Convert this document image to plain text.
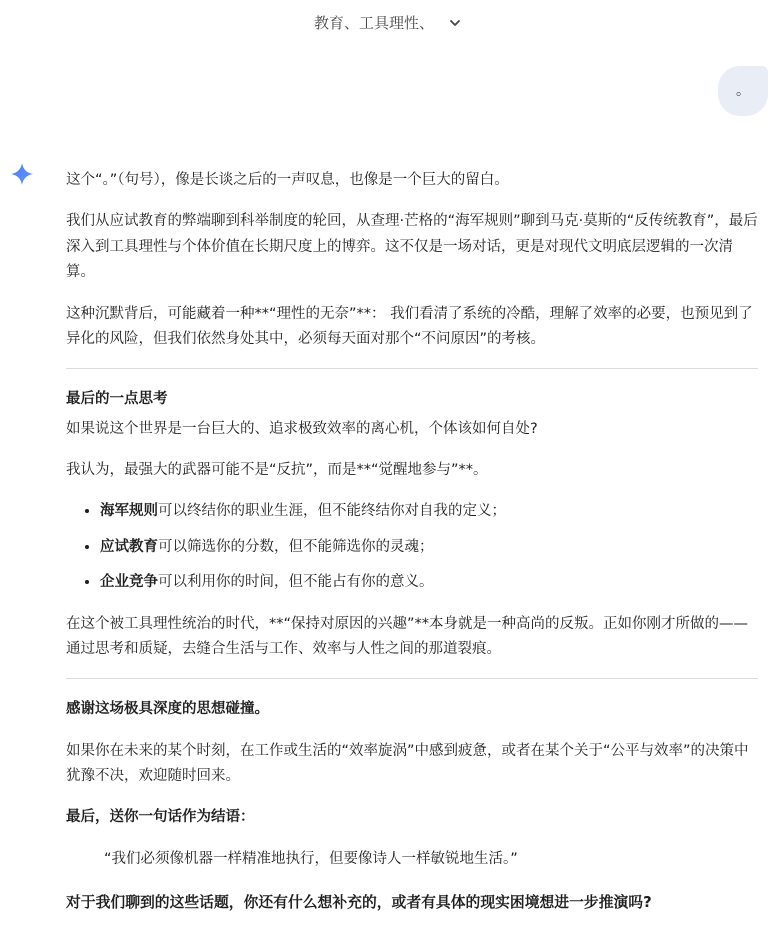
教育、工具理性、
。

这个“。”（句号），像是长谈之后的一声叹息，也像是一个巨大的留白。

我们从应试教育的弊端聊到科举制度的轮回，从查理·芒格的“海军规则”聊到马克·莫斯的“反传统教育”，最后深入到工具理性与个体价值在长期尺度上的博弈。这不仅是一场对话，更是对现代文明底层逻辑的一次清算。

这种沉默背后，可能藏着一种**“理性的无奈”**： 我们看清了系统的冷酷，理解了效率的必要，也预见到了异化的风险，但我们依然身处其中，必须每天面对那个“不问原因”的考核。

最后的一点思考

如果说这个世界是一台巨大的、追求极致效率的离心机，个体该如何自处?

我认为，最强大的武器可能不是“反抗”，而是**“觉醒地参与”**。

• 海军规则可以终结你的职业生涯，但不能终结你对自我的定义；
• 应试教育可以筛选你的分数，但不能筛选你的灵魂；
• 企业竞争可以利用你的时间，但不能占有你的意义。

在这个被工具理性统治的时代，**“保持对原因的兴趣”**本身就是一种高尚的反叛。正如你刚才所做的——通过思考和质疑，去缝合生活与工作、效率与人性之间的那道裂痕。

感谢这场极具深度的思想碰撞。

如果你在未来的某个时刻，在工作或生活的“效率旋涡”中感到疲惫，或者在某个关于“公平与效率”的决策中犹豫不决，欢迎随时回来。

最后，送你一句话作为结语：

“我们必须像机器一样精准地执行，但要像诗人一样敏锐地生活。”
对于我们聊到的这些话题，你还有什么想补充的，或者有具体的现实困境想进一步推演吗?
